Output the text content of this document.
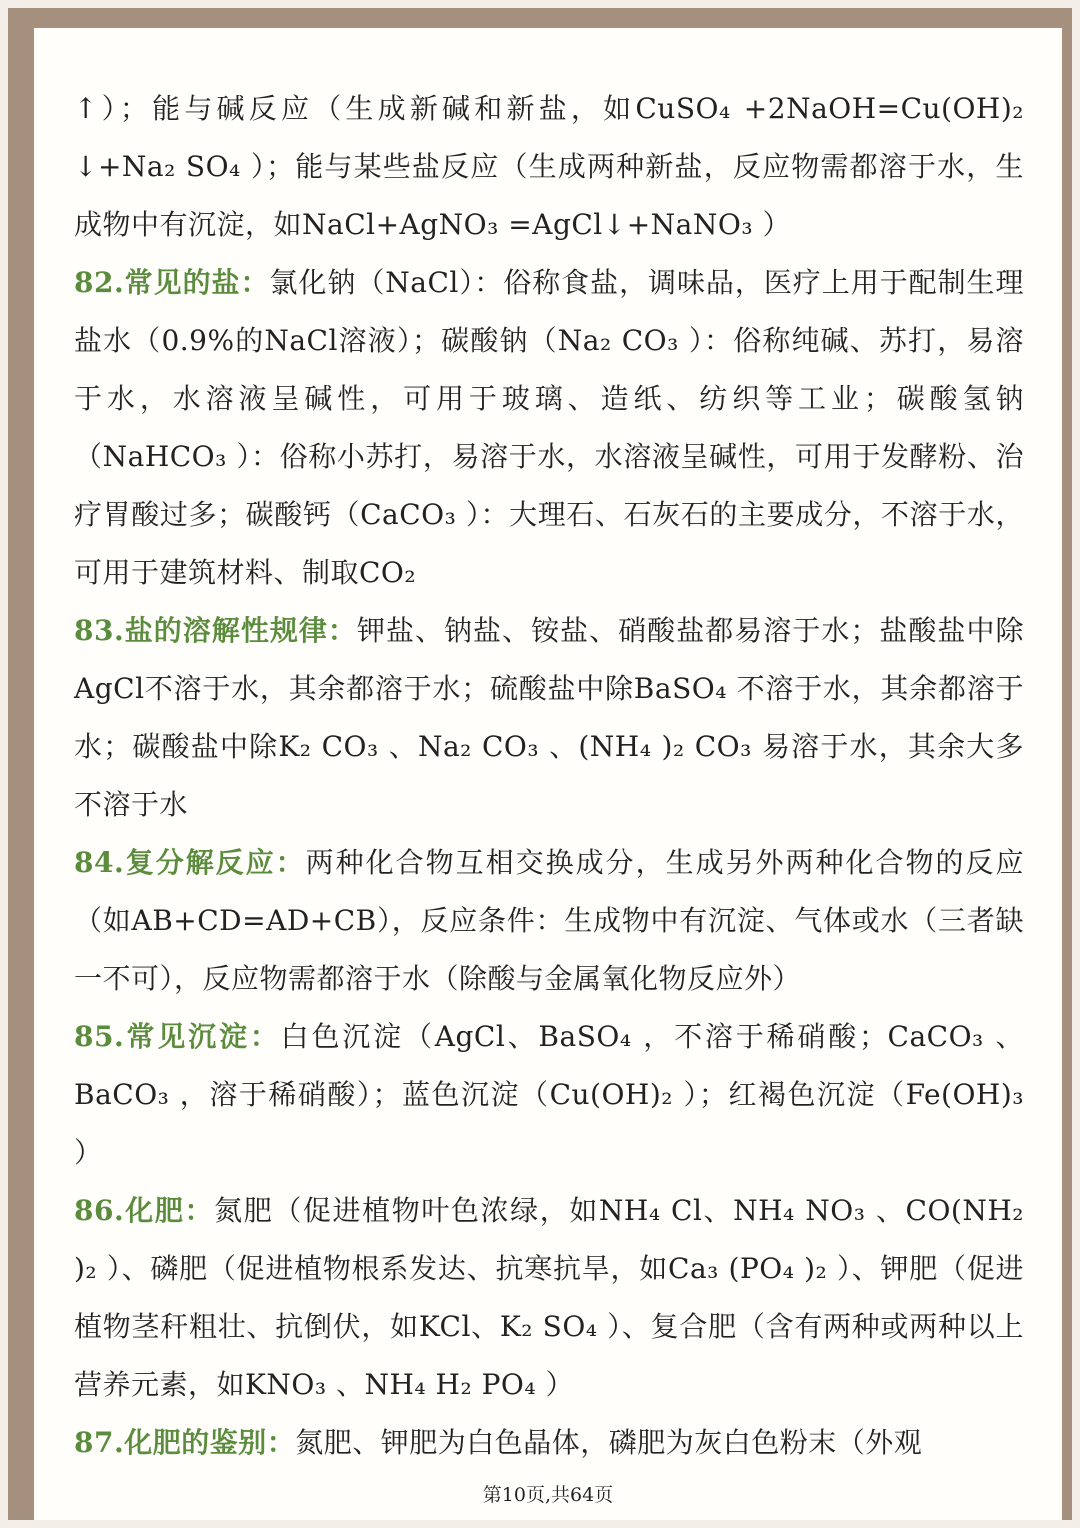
↑）；能与碱反应（生成新碱和新盐，如CuSO₄ +2NaOH=Cu(OH)₂ ↓+Na₂ SO₄ ）；能与某些盐反应（生成两种新盐，反应物需都溶于水，生成物中有沉淀，如NaCl+AgNO₃ =AgCl↓+NaNO₃ ）

82.常见的盐：氯化钠（NaCl）：俗称食盐，调味品，医疗上用于配制生理盐水（0.9%的NaCl溶液）；碳酸钠（Na₂ CO₃ ）：俗称纯碱、苏打，易溶于水，水溶液呈碱性，可用于玻璃、造纸、纺织等工业；碳酸氢钠（NaHCO₃ ）：俗称小苏打，易溶于水，水溶液呈碱性，可用于发酵粉、治疗胃酸过多；碳酸钙（CaCO₃ ）：大理石、石灰石的主要成分，不溶于水，可用于建筑材料、制取CO₂

83.盐的溶解性规律：钾盐、钠盐、铵盐、硝酸盐都易溶于水；盐酸盐中除AgCl不溶于水，其余都溶于水；硫酸盐中除BaSO₄ 不溶于水，其余都溶于水；碳酸盐中除K₂ CO₃ 、Na₂ CO₃ 、(NH₄ )₂ CO₃ 易溶于水，其余大多不溶于水

84.复分解反应：两种化合物互相交换成分，生成另外两种化合物的反应（如AB+CD=AD+CB），反应条件：生成物中有沉淀、气体或水（三者缺一不可），反应物需都溶于水（除酸与金属氧化物反应外）

85.常见沉淀：白色沉淀（AgCl、BaSO₄ ，不溶于稀硝酸；CaCO₃ 、BaCO₃ ，溶于稀硝酸）；蓝色沉淀（Cu(OH)₂ ）；红褐色沉淀（Fe(OH)₃ ）

86.化肥：氮肥（促进植物叶色浓绿，如NH₄ Cl、NH₄ NO₃ 、CO(NH₂ )₂ ）、磷肥（促进植物根系发达、抗寒抗旱，如Ca₃ (PO₄ )₂ ）、钾肥（促进植物茎秆粗壮、抗倒伏，如KCl、K₂ SO₄ ）、复合肥（含有两种或两种以上营养元素，如KNO₃ 、NH₄ H₂ PO₄ ）

87.化肥的鉴别：氮肥、钾肥为白色晶体，磷肥为灰白色粉末（外观

第10页,共64页
